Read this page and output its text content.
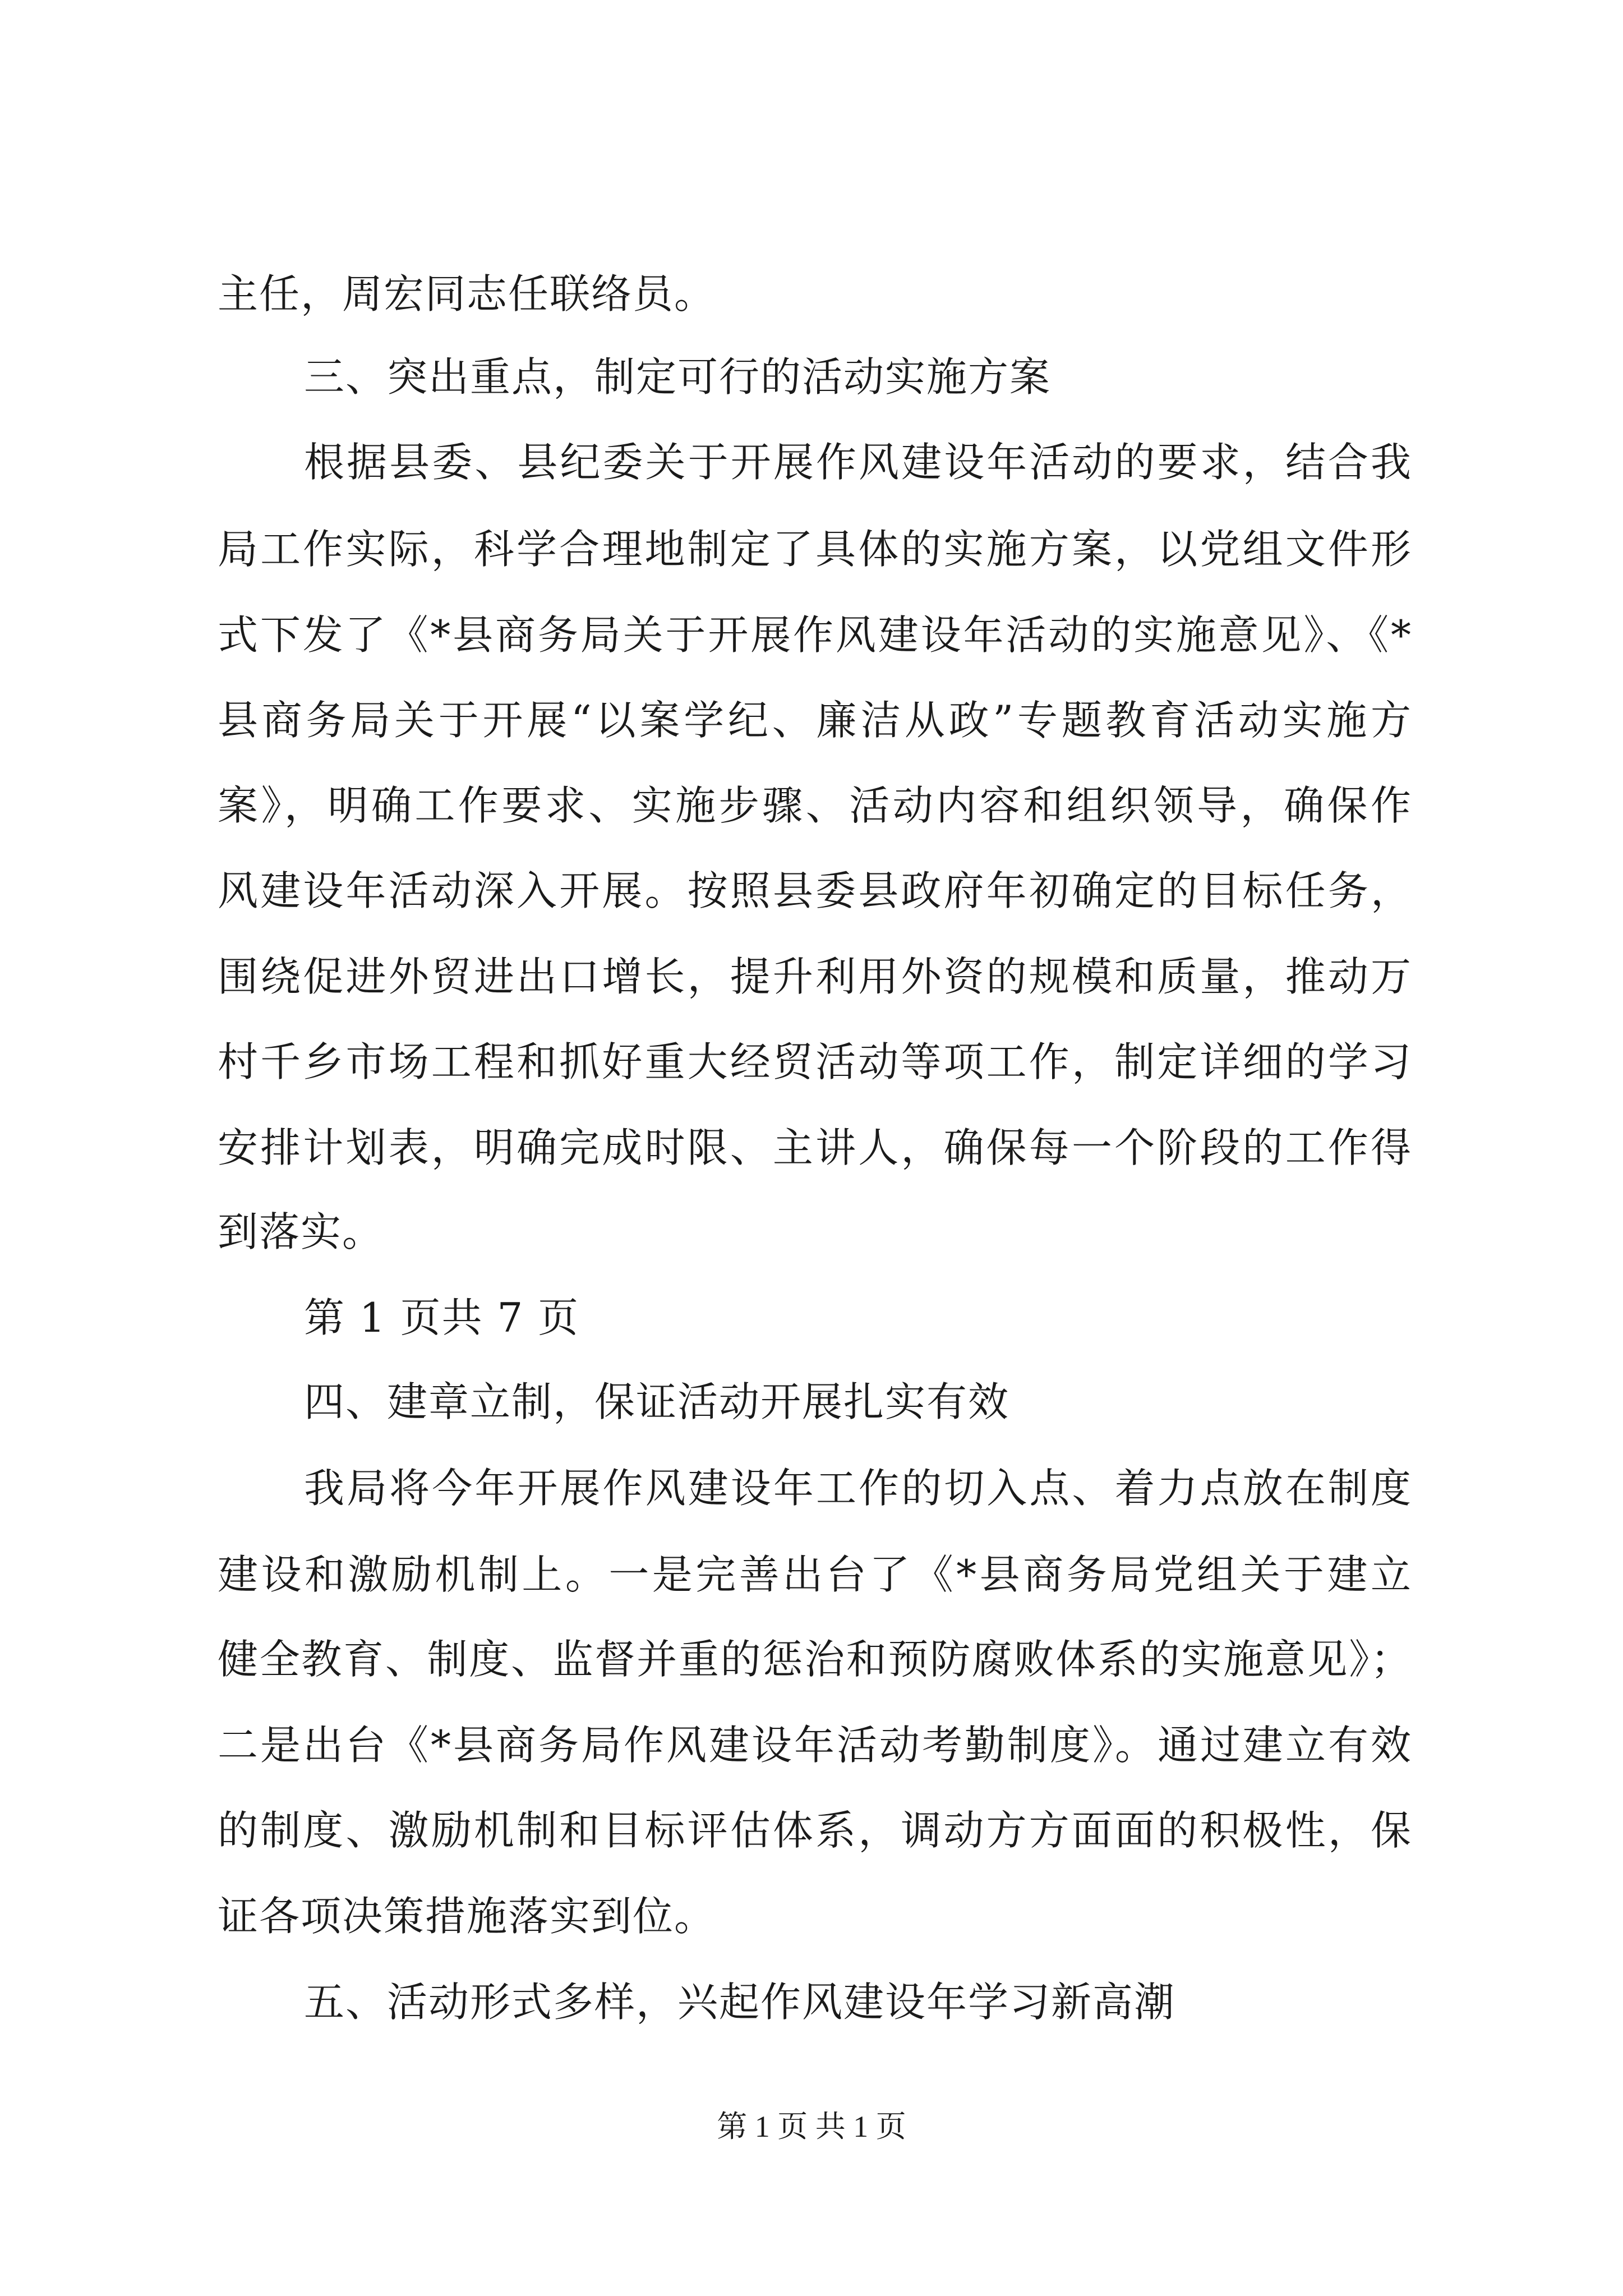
主任，周宏同志任联络员。
三、突出重点，制定可行的活动实施方案
根据县委、县纪委关于开展作风建设年活动的要求，结合我
局工作实际，科学合理地制定了具体的实施方案，以党组文件形
式下发了《*县商务局关于开展作风建设年活动的实施意见》、《*
县商务局关于开展“以案学纪、廉洁从政”专题教育活动实施方
案》，明确工作要求、实施步骤、活动内容和组织领导，确保作
风建设年活动深入开展。按照县委县政府年初确定的目标任务，
围绕促进外贸进出口增长，提升利用外资的规模和质量，推动万
村千乡市场工程和抓好重大经贸活动等项工作，制定详细的学习
安排计划表，明确完成时限、主讲人，确保每一个阶段的工作得
到落实。
第 1 页共 7 页
四、建章立制，保证活动开展扎实有效
我局将今年开展作风建设年工作的切入点、着力点放在制度
建设和激励机制上。一是完善出台了《*县商务局党组关于建立
健全教育、制度、监督并重的惩治和预防腐败体系的实施意见》；
二是出台《*县商务局作风建设年活动考勤制度》。通过建立有效
的制度、激励机制和目标评估体系，调动方方面面的积极性，保
证各项决策措施落实到位。
五、活动形式多样，兴起作风建设年学习新高潮
第 1 页 共 1 页
